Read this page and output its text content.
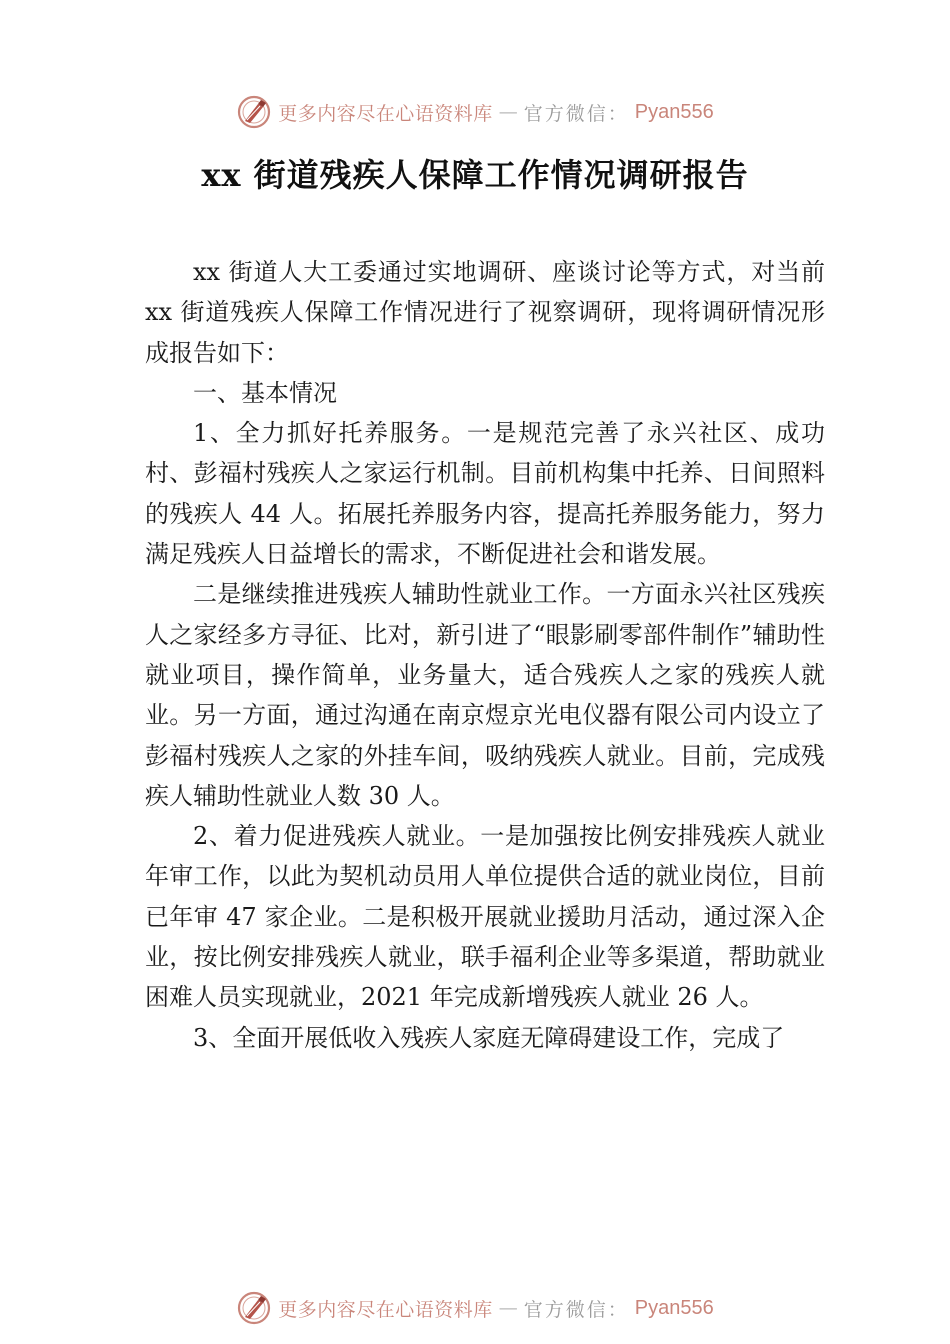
更多内容尽在心语资料库 — 官方微信： Pyan556
xx 街道残疾人保障工作情况调研报告

xx 街道人大工委通过实地调研、座谈讨论等方式，对当前 xx 街道残疾人保障工作情况进行了视察调研，现将调研情况形成报告如下：

一、基本情况

1、全力抓好托养服务。一是规范完善了永兴社区、成功村、彭福村残疾人之家运行机制。目前机构集中托养、日间照料的残疾人 44 人。拓展托养服务内容，提高托养服务能力，努力满足残疾人日益增长的需求，不断促进社会和谐发展。

二是继续推进残疾人辅助性就业工作。一方面永兴社区残疾人之家经多方寻征、比对，新引进了“眼影刷零部件制作”辅助性就业项目，操作简单，业务量大，适合残疾人之家的残疾人就业。另一方面，通过沟通在南京煜京光电仪器有限公司内设立了彭福村残疾人之家的外挂车间，吸纳残疾人就业。目前，完成残疾人辅助性就业人数 30 人。

2、着力促进残疾人就业。一是加强按比例安排残疾人就业年审工作，以此为契机动员用人单位提供合适的就业岗位，目前已年审 47 家企业。二是积极开展就业援助月活动，通过深入企业，按比例安排残疾人就业，联手福利企业等多渠道，帮助就业困难人员实现就业，2021 年完成新增残疾人就业 26 人。

3、全面开展低收入残疾人家庭无障碍建设工作，完成了

更多内容尽在心语资料库 — 官方微信： Pyan556
